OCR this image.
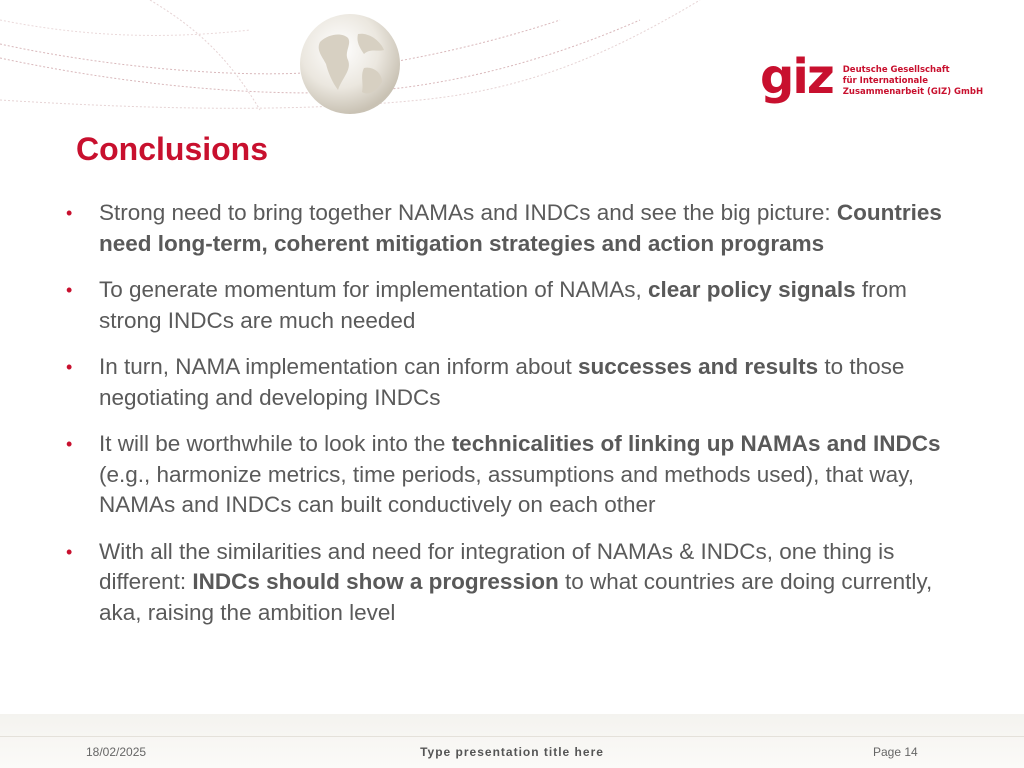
giz Deutsche Gesellschaft
für Internationale
Zusammenarbeit (GIZ) GmbH
Conclusions
• Strong need to bring together NAMAs and INDCs and see the big picture: Countries need long-term, coherent mitigation strategies and action programs
• To generate momentum for implementation of NAMAs, clear policy signals from strong INDCs are much needed
• In turn, NAMA implementation can inform about successes and results to those negotiating and developing INDCs
• It will be worthwhile to look into the technicalities of linking up NAMAs and INDCs (e.g., harmonize metrics, time periods, assumptions and methods used), that way, NAMAs and INDCs can built conductively on each other
• With all the similarities and need for integration of NAMAs & INDCs, one thing is different: INDCs should show a progression to what countries are doing currently, aka, raising the ambition level
18/02/2025	Type presentation title here	Page 14
